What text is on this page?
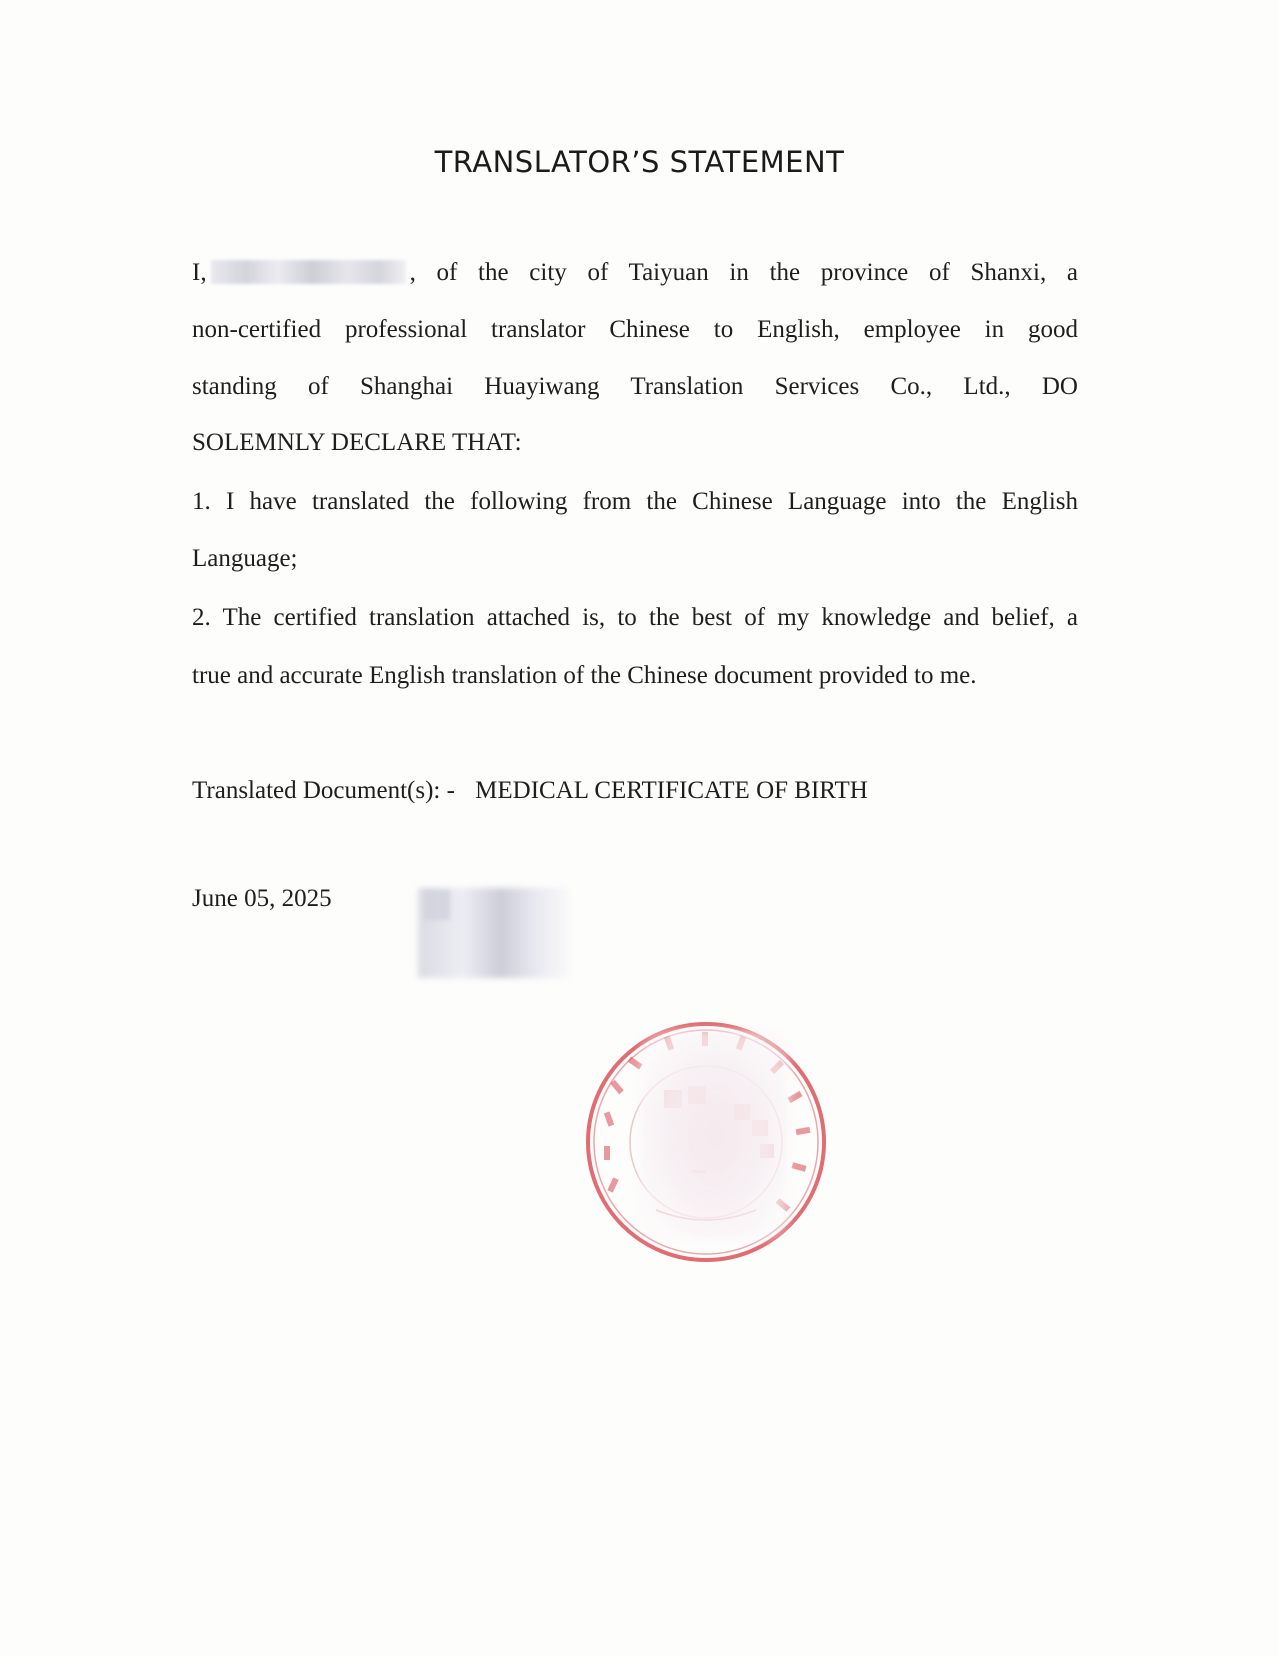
TRANSLATOR’S STATEMENT
I,	, of the city of Taiyuan in the province of Shanxi, a
non-certified professional translator Chinese to English, employee in good
standing of Shanghai Huayiwang Translation Services Co., Ltd., DO
SOLEMNLY DECLARE THAT:
1. I have translated the following from the Chinese Language into the English
Language;
2. The certified translation attached is, to the best of my knowledge and belief, a
true and accurate English translation of the Chinese document provided to me.
Translated Document(s): - MEDICAL CERTIFICATE OF BIRTH
June 05, 2025
